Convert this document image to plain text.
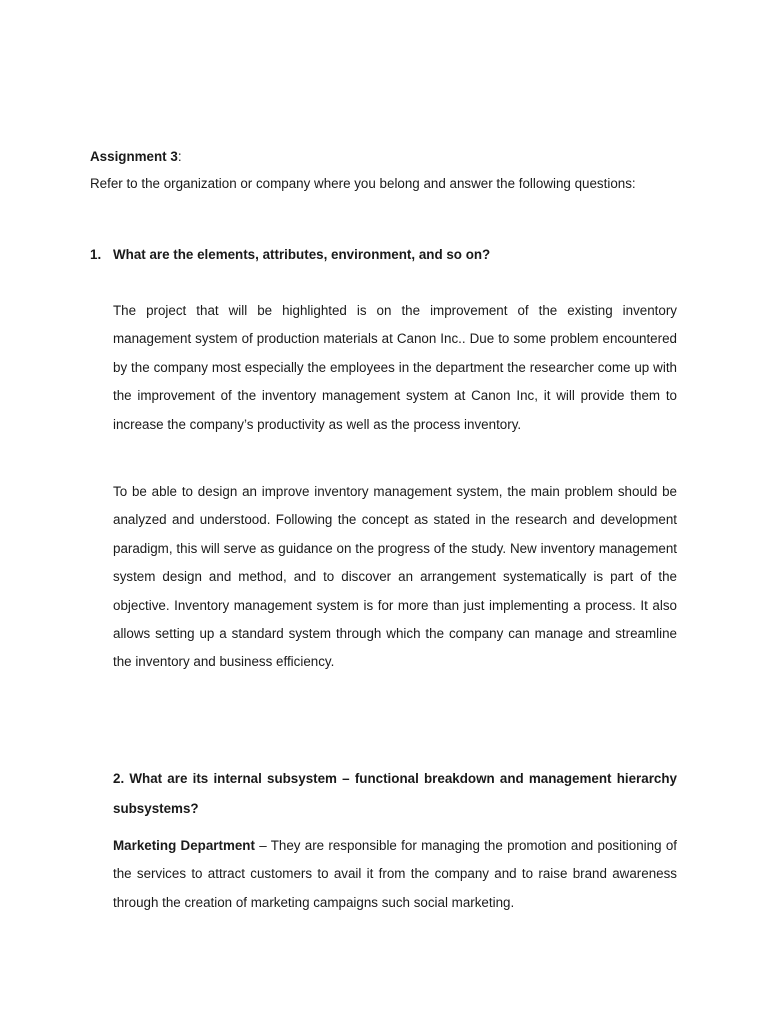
Assignment 3:

Refer to the organization or company where you belong and answer the following questions:

1. What are the elements, attributes, environment, and so on?

The project that will be highlighted is on the improvement of the existing inventory management system of production materials at Canon Inc.. Due to some problem encountered by the company most especially the employees in the department the researcher come up with the improvement of the inventory management system at Canon Inc, it will provide them to increase the company’s productivity as well as the process inventory.

To be able to design an improve inventory management system, the main problem should be analyzed and understood. Following the concept as stated in the research and development paradigm, this will serve as guidance on the progress of the study. New inventory management system design and method, and to discover an arrangement systematically is part of the objective. Inventory management system is for more than just implementing a process. It also allows setting up a standard system through which the company can manage and streamline the inventory and business efficiency.

2. What are its internal subsystem – functional breakdown and management hierarchy subsystems?

Marketing Department – They are responsible for managing the promotion and positioning of the services to attract customers to avail it from the company and to raise brand awareness through the creation of marketing campaigns such social marketing.
